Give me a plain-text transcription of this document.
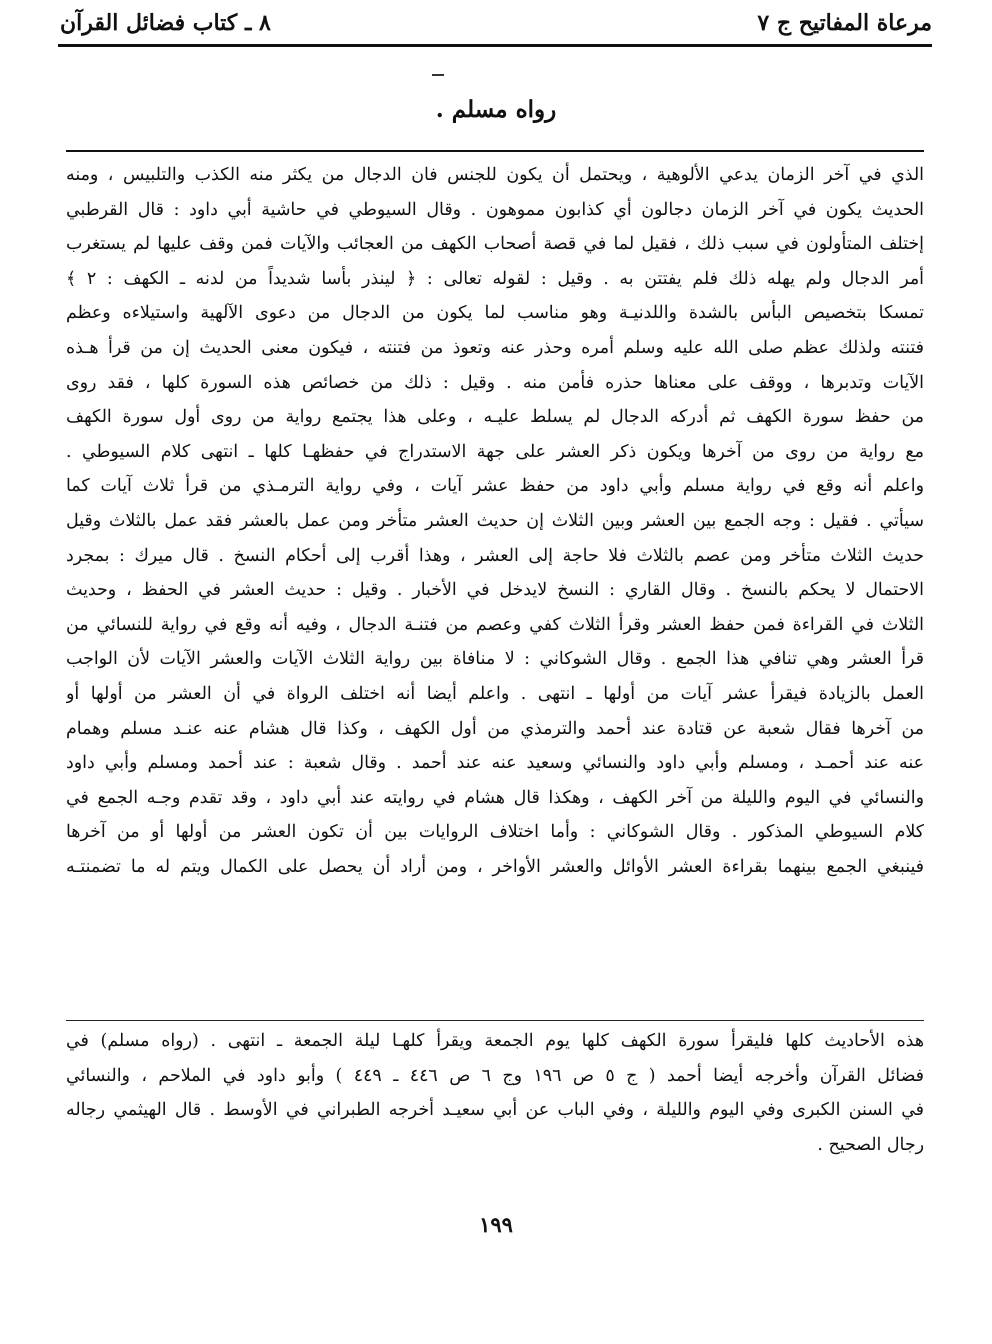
مرعاة المفاتيح ج ٧
٨ ـ كتاب فضائل القرآن
رواه مسلم .
الذي في آخر الزمان يدعي الألوهية ، ويحتمل أن يكون للجنس فان الدجال من يكثر منه الكذب والتلبيس ، ومنه
الحديث يكون في آخر الزمان دجالون أي كذابون مموهون . وقال السيوطي في حاشية أبي داود : قال القرطبي
إختلف المتأولون في سبب ذلك ، فقيل لما في قصة أصحاب الكهف من العجائب والآيات فمن وقف عليها لم يستغرب
أمر الدجال ولم يهله ذلك فلم يفتتن به . وقيل : لقوله تعالى : ﴿ لينذر بأسا شديداً من لدنه ـ الكهف : ٢ ﴾
تمسكا بتخصيص البأس بالشدة واللدنيـة وهو مناسب لما يكون من الدجال من دعوى الآلهية واستيلاءه وعظم
فتنته ولذلك عظم صلى الله عليه وسلم أمره وحذر عنه وتعوذ من فتنته ، فيكون معنى الحديث إن من قرأ هـذه
الآيات وتدبرها ، ووقف على معناها حذره فأمن منه . وقيل : ذلك من خصائص هذه السورة كلها ، فقد روى
من حفظ سورة الكهف ثم أدركه الدجال لم يسلط عليـه ، وعلى هذا يجتمع رواية من روى أول سورة الكهف
مع رواية من روى من آخرها ويكون ذكر العشر على جهة الاستدراج في حفظهـا كلها ـ انتهى كلام السيوطي .
واعلم أنه وقع في رواية مسلم وأبي داود من حفظ عشر آيات ، وفي رواية الترمـذي من قرأ ثلاث آيات كما
سيأتي . فقيل : وجه الجمع بين العشر وبين الثلاث إن حديث العشر متأخر ومن عمل بالعشر فقد عمل بالثلاث وقيل
حديث الثلاث متأخر ومن عصم بالثلاث فلا حاجة إلى العشر ، وهذا أقرب إلى أحكام النسخ . قال ميرك : بمجرد
الاحتمال لا يحكم بالنسخ . وقال القاري : النسخ لايدخل في الأخبار . وقيل : حديث العشر في الحفظ ، وحديث
الثلاث في القراءة فمن حفظ العشر وقرأ الثلاث كفي وعصم من فتنـة الدجال ، وفيه أنه وقع في رواية للنسائي من
قرأ العشر وهي تنافي هذا الجمع . وقال الشوكاني : لا منافاة بين رواية الثلاث الآيات والعشر الآيات لأن الواجب
العمل بالزيادة فيقرأ عشر آيات من أولها ـ انتهى . واعلم أيضا أنه اختلف الرواة في أن العشر من أولها أو
من آخرها فقال شعبة عن قتادة عند أحمد والترمذي من أول الكهف ، وكذا قال هشام عنه عنـد مسلم وهمام
عنه عند أحمـد ، ومسلم وأبي داود والنسائي وسعيد عنه عند أحمد . وقال شعبة : عند أحمد ومسلم وأبي داود
والنسائي في اليوم والليلة من آخر الكهف ، وهكذا قال هشام في روايته عند أبي داود ، وقد تقدم وجـه الجمع في
كلام السيوطي المذكور . وقال الشوكاني : وأما اختلاف الروايات بين أن تكون العشر من أولها أو من آخرها
فينبغي الجمع بينهما بقراءة العشر الأوائل والعشر الأواخر ، ومن أراد أن يحصل على الكمال ويتم له ما تضمنتـه
هذه الأحاديث كلها فليقرأ سورة الكهف كلها يوم الجمعة ويقرأ كلهـا ليلة الجمعة ـ انتهى . (رواه مسلم) في
فضائل القرآن وأخرجه أيضا أحمد ( ج ٥ ص ١٩٦ وج ٦ ص ٤٤٦ ـ ٤٤٩ ) وأبو داود في الملاحم ، والنسائي
في السنن الكبرى وفي اليوم والليلة ، وفي الباب عن أبي سعيـد أخرجه الطبراني في الأوسط . قال الهيثمي رجاله
رجال الصحيح .
١٩٩
